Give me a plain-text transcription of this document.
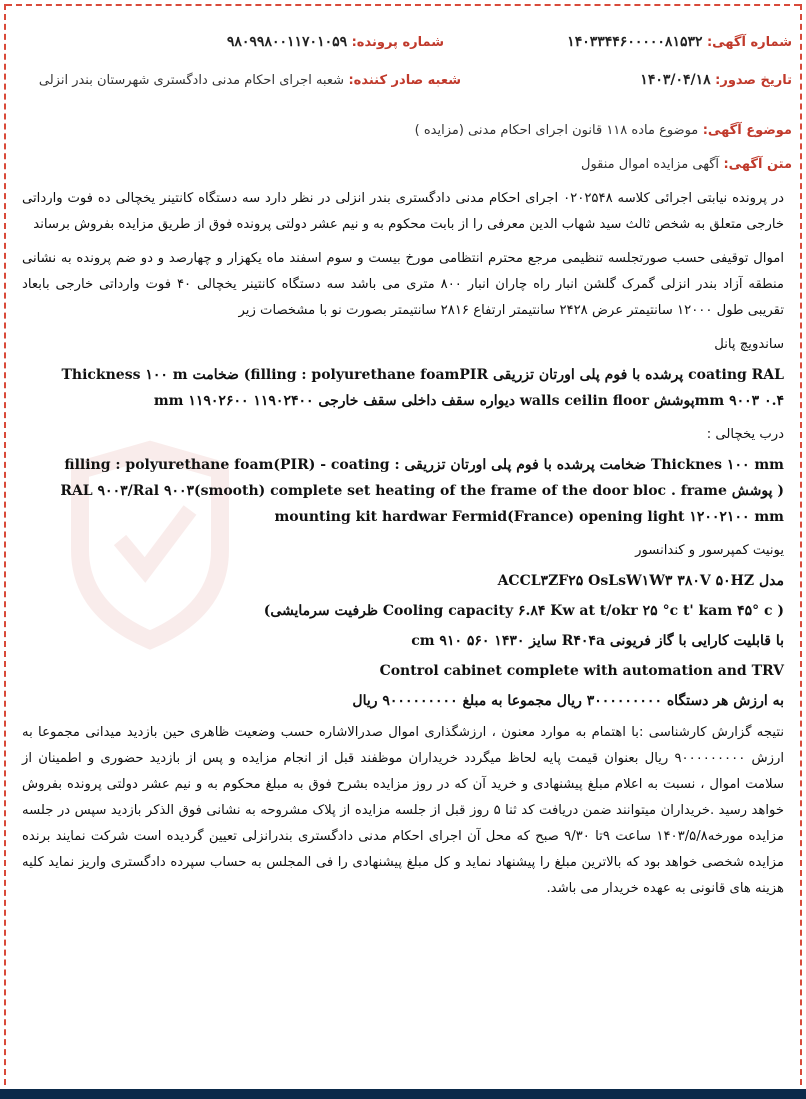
شماره آگهی: ۱۴۰۳۳۴۴۶۰۰۰۰۰۸۱۵۳۲
شماره پرونده: ۹۸۰۹۹۸۰۰۱۱۷۰۱۰۵۹
تاریخ صدور: ۱۴۰۳/۰۴/۱۸
شعبه صادر کننده: شعبه اجرای احکام مدنی دادگستری شهرستان بندر انزلی
موضوع آگهی: موضوع ماده ۱۱۸ قانون اجرای احکام مدنی (مزایده )
متن آگهی: آگهی مزایده اموال منقول

در پرونده نیابتی اجرائی کلاسه ۰۲۰۲۵۴۸ اجرای احکام مدنی دادگستری بندر انزلی در نظر دارد سه دستگاه کانتینر یخچالی ده فوت وارداتی خارجی متعلق به شخص ثالث سید شهاب الدین معرفی را از بابت محکوم به و نیم عشر دولتی پرونده فوق از طریق مزایده بفروش برساند

اموال توقیفی حسب صورتجلسه تنظیمی مرجع محترم انتظامی مورخ بیست و سوم اسفند ماه یکهزار و چهارصد و دو ضم پرونده به نشانی منطقه آزاد بندر انزلی گمرک گلشن انبار راه چاران انبار ۸۰۰ متری می باشد سه دستگاه کانتینر یخچالی ۴۰ فوت وارداتی خارجی بابعاد تقریبی طول ۱۲۰۰۰ سانتیمتر عرض ۲۴۲۸ سانتیمتر ارتفاع ۲۸۱۶ سانتیمتر بصورت نو با مشخصات زیر

ساندویچ پانل
coating RAL پرشده با فوم پلی اورتان تزریقی filling : polyurethane foamPIR) ضخامت Thickness ۱۰۰ m
۰.۴ mm ۹۰۰۳پوشش walls ceilin floor دیواره سقف داخلی سقف خارجی ۱۱۹۰۲۴۰۰ ۱۱۹۰۲۶۰۰ mm
درب یخچالی :
Thicknes ۱۰۰ mm ضخامت پرشده با فوم پلی اورتان تزریقی : filling : polyurethane foam(PIR) - coating
( پوشش RAL ۹۰۰۳/Ral ۹۰۰۳(smooth) complete set heating of the frame of the door bloc . frame
mounting kit hardwar Fermid(France) opening light ۱۲۰۰۲۱۰۰ mm
یونیت کمپرسور و کندانسور
مدل ACCL۳ZF۲۵ OsLsW۱W۳ ۳۸۰V ۵۰HZ
( Cooling capacity ۶.۸۴ Kw at t/okr ۲۵ °c t' kam ۴۵° c ظرفیت سرمایشی)
با قابلیت کارایی با گاز فریونی R۴۰۴a سایز ۱۴۳۰ ۵۶۰ ۹۱۰ cm
Control cabinet complete with automation and TRV
به ارزش هر دستگاه ۳۰۰۰۰۰۰۰۰۰ ریال مجموعا به مبلغ ۹۰۰۰۰۰۰۰۰۰ ریال

نتیجه گزارش کارشناسی :با اهتمام به موارد معنون ، ارزشگذاری اموال صدرالاشاره حسب وضعیت ظاهری حین بازدید میدانی مجموعا به ارزش ۹۰۰۰۰۰۰۰۰۰ ریال بعنوان قیمت پایه لحاظ میگردد خریداران موظفند قبل از انجام مزایده و پس از بازدید حضوری و اطمینان از سلامت اموال ، نسبت به اعلام مبلغ پیشنهادی و خرید آن که در روز مزایده بشرح فوق به مبلغ محکوم به و نیم عشر دولتی پرونده بفروش خواهد رسید .خریداران میتوانند ضمن دریافت کد ثنا ۵ روز قبل از جلسه مزایده از پلاک مشروحه به نشانی فوق الذکر بازدید سپس در جلسه مزایده مورخه۱۴۰۳/۵/۸ ساعت ۹تا ۹/۳۰ صبح که محل آن اجرای احکام مدنی دادگستری بندرانزلی تعیین گردیده است شرکت نمایند برنده مزایده شخصی خواهد بود که بالاترین مبلغ را پیشنهاد نماید و کل مبلغ پیشنهادی را فی المجلس به حساب سپرده دادگستری واریز نماید کلیه هزینه های قانونی به عهده خریدار می باشد.
